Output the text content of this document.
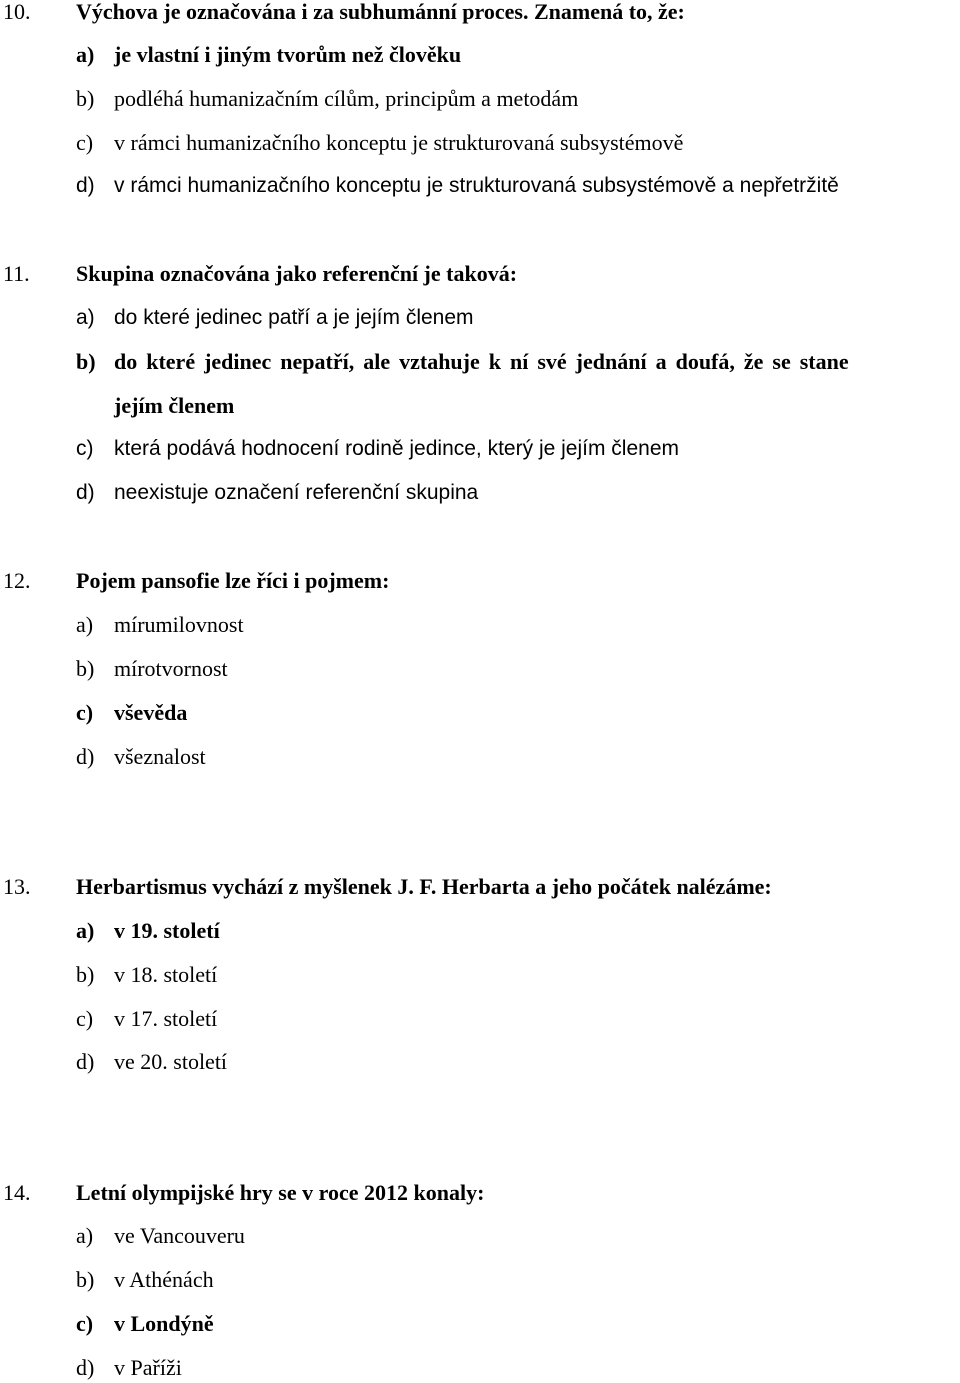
10. Výchova je označována i za subhumánní proces. Znamená to, že:
a) je vlastní i jiným tvorům než člověku
b) podléhá humanizačním cílům, principům a metodám
c) v rámci humanizačního konceptu je strukturovaná subsystémově
d) v rámci humanizačního konceptu je strukturovaná subsystémově a nepřetržitě
11. Skupina označována jako referenční je taková:
a) do které jedinec patří a je jejím členem
b) do které jedinec nepatří, ale vztahuje k ní své jednání a doufá, že se stane
jejím členem
c) která podává hodnocení rodině jedince, který je jejím členem
d) neexistuje označení referenční skupina
12. Pojem pansofie lze říci i pojmem:
a) mírumilovnost
b) mírotvornost
c) vševěda
d) všeznalost
13. Herbartismus vychází z myšlenek J. F. Herbarta a jeho počátek nalézáme:
a) v 19. století
b) v 18. století
c) v 17. století
d) ve 20. století
14. Letní olympijské hry se v roce 2012 konaly:
a) ve Vancouveru
b) v Athénách
c) v Londýně
d) v Paříži
